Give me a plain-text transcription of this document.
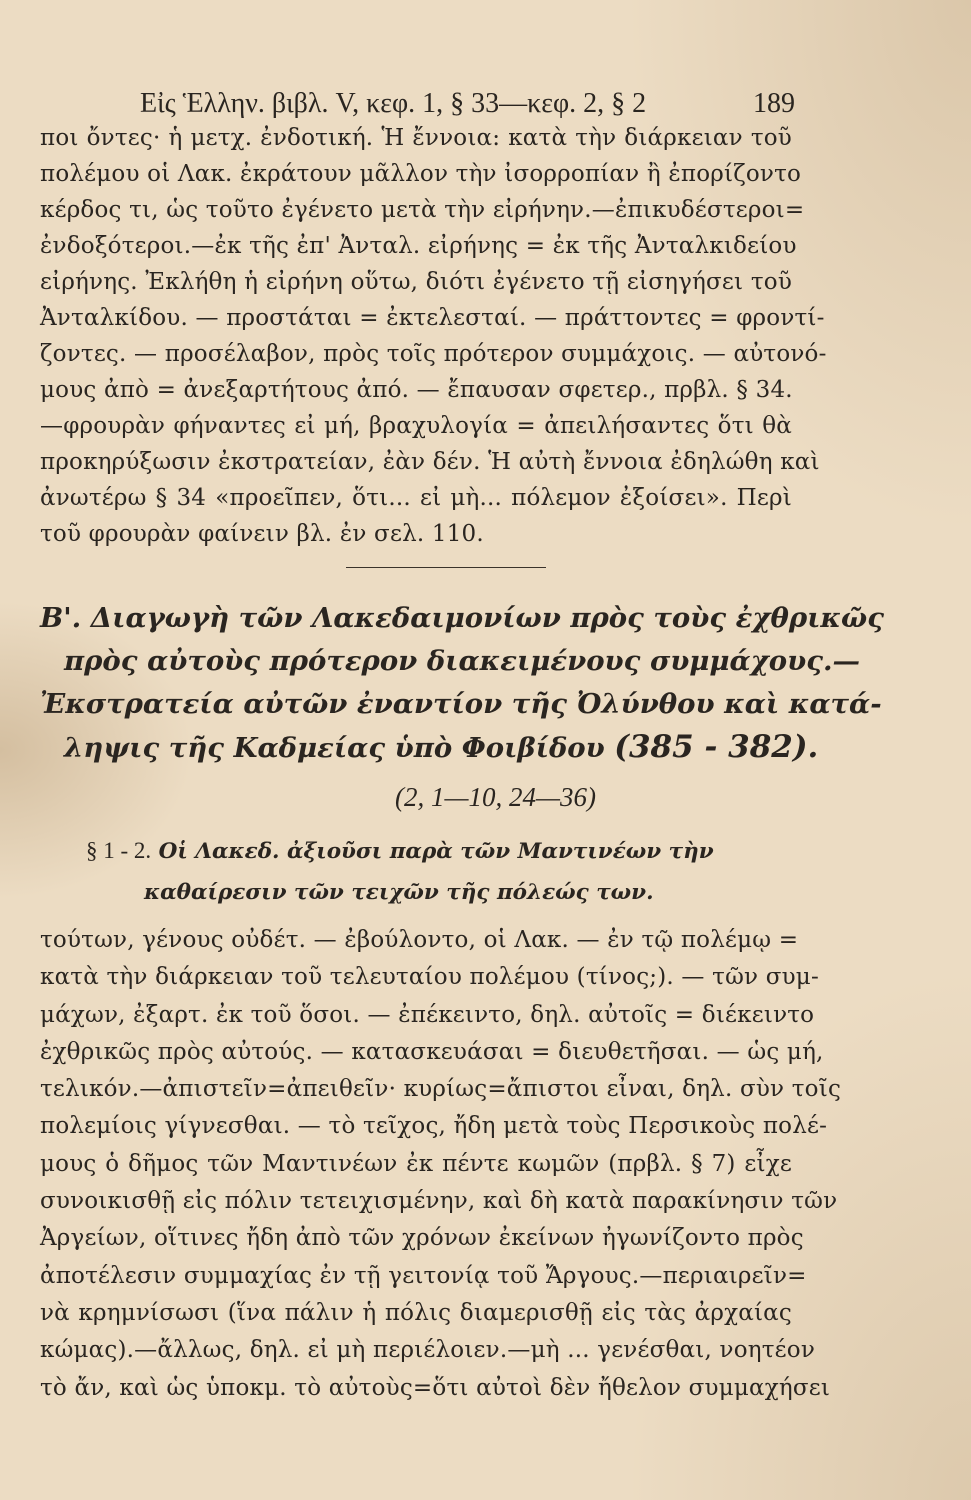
Εἰς Ἑλλην. βιβλ. V, κεφ. 1, § 33—κεφ. 2, § 2	189
ποι ὄντες· ἡ μετχ. ἐνδοτική. Ἡ ἔννοια: κατὰ τὴν διάρκειαν τοῦ
πολέμου οἱ Λακ. ἐκράτουν μᾶλλον τὴν ἰσορροπίαν ἢ ἐπορίζοντο
κέρδος τι, ὡς τοῦτο ἐγένετο μετὰ τὴν εἰρήνην.—ἐπικυδέστεροι=
ἐνδοξότεροι.—ἐκ τῆς ἐπ' Ἀνταλ. εἰρήνης = ἐκ τῆς Ἀνταλκιδείου
εἰρήνης. Ἐκλήθη ἡ εἰρήνη οὕτω, διότι ἐγένετο τῇ εἰσηγήσει τοῦ
Ἀνταλκίδου. — προστάται = ἐκτελεσταί. — πράττοντες = φροντί-
ζοντες. — προσέλαβον, πρὸς τοῖς πρότερον συμμάχοις. — αὐτονό-
μους ἀπὸ = ἀνεξαρτήτους ἀπό. — ἔπαυσαν σφετερ., πρβλ. § 34.
—φρουρὰν φήναντες εἰ μή, βραχυλογία = ἀπειλήσαντες ὅτι θὰ
προκηρύξωσιν ἐκστρατείαν, ἐὰν δέν. Ἡ αὐτὴ ἔννοια ἐδηλώθη καὶ
ἀνωτέρω § 34 «προεῖπεν, ὅτι... εἰ μὴ... πόλεμον ἐξοίσει». Περὶ
τοῦ φρουρὰν φαίνειν βλ. ἐν σελ. 110.
Β'. Διαγωγὴ τῶν Λακεδαιμονίων πρὸς τοὺς ἐχθρικῶς
πρὸς αὐτοὺς πρότερον διακειμένους συμμάχους.—
Ἐκστρατεία αὐτῶν ἐναντίον τῆς Ὀλύνθου καὶ κατά-
ληψις τῆς Καδμείας ὑπὸ Φοιβίδου (385 - 382).
(2, 1—10, 24—36)
§ 1 - 2. Οἱ Λακεδ. ἀξιοῦσι παρὰ τῶν Μαντινέων τὴν
καθαίρεσιν τῶν τειχῶν τῆς πόλεώς των.
τούτων, γένους οὐδέτ. — ἐβούλοντο, οἱ Λακ. — ἐν τῷ πολέμῳ =
κατὰ τὴν διάρκειαν τοῦ τελευταίου πολέμου (τίνος;). — τῶν συμ-
μάχων, ἐξαρτ. ἐκ τοῦ ὅσοι. — ἐπέκειντο, δηλ. αὐτοῖς = διέκειντο
ἐχθρικῶς πρὸς αὐτούς. — κατασκευάσαι = διευθετῆσαι. — ὡς μή,
τελικόν.—ἀπιστεῖν=ἀπειθεῖν· κυρίως=ἄπιστοι εἶναι, δηλ. σὺν τοῖς
πολεμίοις γίγνεσθαι. — τὸ τεῖχος, ἤδη μετὰ τοὺς Περσικοὺς πολέ-
μους ὁ δῆμος τῶν Μαντινέων ἐκ πέντε κωμῶν (πρβλ. § 7) εἶχε
συνοικισθῇ εἰς πόλιν τετειχισμένην, καὶ δὴ κατὰ παρακίνησιν τῶν
Ἀργείων, οἵτινες ἤδη ἀπὸ τῶν χρόνων ἐκείνων ἠγωνίζοντο πρὸς
ἀποτέλεσιν συμμαχίας ἐν τῇ γειτονίᾳ τοῦ Ἄργους.—περιαιρεῖν=
νὰ κρημνίσωσι (ἵνα πάλιν ἡ πόλις διαμερισθῇ εἰς τὰς ἀρχαίας
κώμας).—ἄλλως, δηλ. εἰ μὴ περιέλοιεν.—μὴ ... γενέσθαι, νοητέον
τὸ ἄν, καὶ ὡς ὑποκμ. τὸ αὐτοὺς=ὅτι αὐτοὶ δὲν ἤθελον συμμαχήσει
